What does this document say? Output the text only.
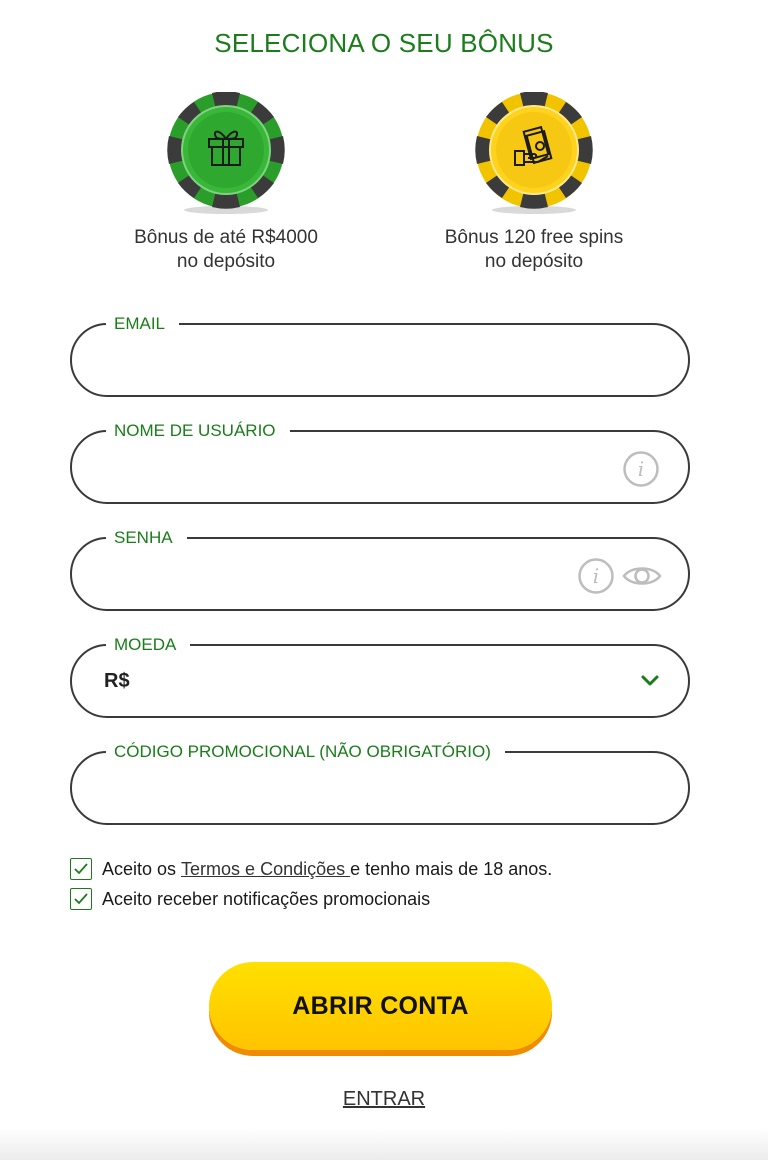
SELECIONA O SEU BÔNUS
Bônus de até R$4000
no depósito
Bônus 120 free spins
no depósito
EMAIL
NOME DE USUÁRIO
i
SENHA
i
MOEDA
R$
CÓDIGO PROMOCIONAL (NÃO OBRIGATÓRIO)
Aceito os Termos e Condições e tenho mais de 18 anos.
Aceito receber notificações promocionais
ABRIR CONTA
ENTRAR
